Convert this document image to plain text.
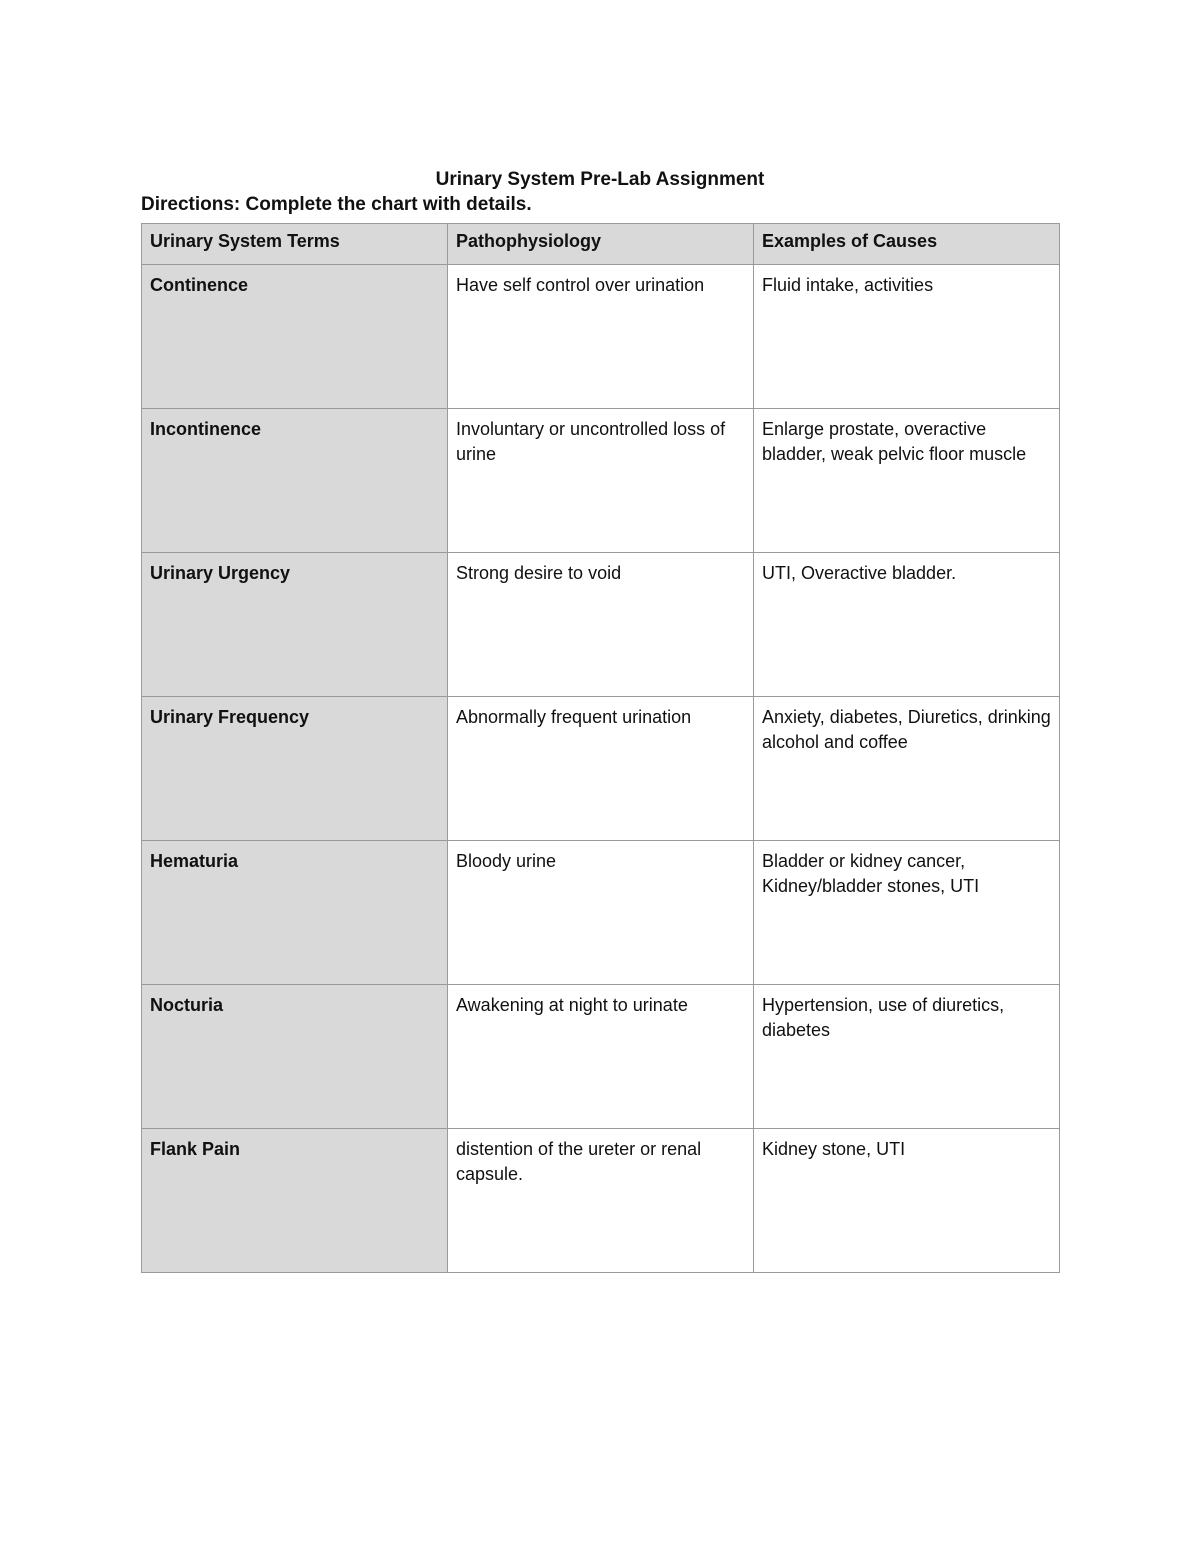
Urinary System Pre-Lab Assignment
Directions: Complete the chart with details.
Urinary System Terms	Pathophysiology	Examples of Causes
Continence	Have self control over urination	Fluid intake, activities
Incontinence	Involuntary or uncontrolled loss of urine	Enlarge prostate, overactive bladder, weak pelvic floor muscle
Urinary Urgency	Strong desire to void	UTI, Overactive bladder.
Urinary Frequency	Abnormally frequent urination	Anxiety, diabetes, Diuretics, drinking alcohol and coffee
Hematuria	Bloody urine	Bladder or kidney cancer, Kidney/bladder stones, UTI
Nocturia	Awakening at night to urinate	Hypertension, use of diuretics, diabetes
Flank Pain	distention of the ureter or renal capsule.	Kidney stone, UTI
